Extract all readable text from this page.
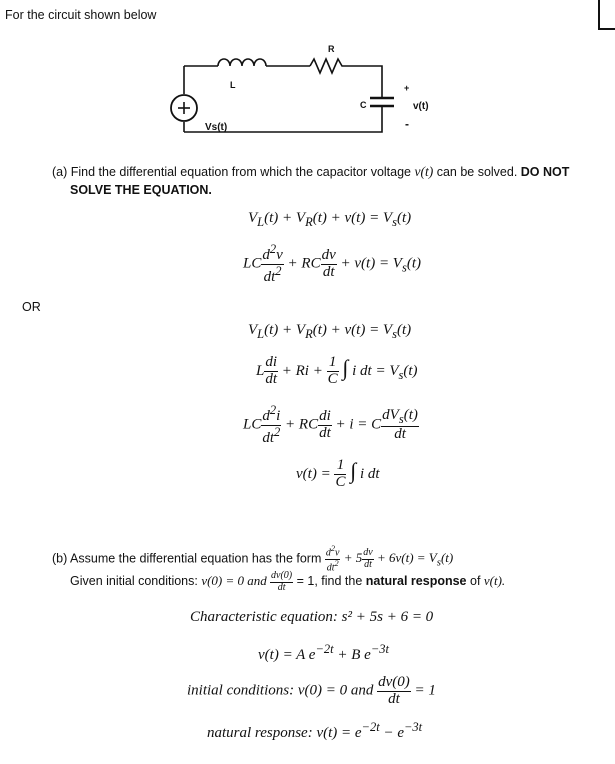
For the circuit shown below
L
R
C
Vs(t)
+
v(t)
-
(a) Find the differential equation from which the capacitor voltage v(t) can be solved. DO NOT
SOLVE THE EQUATION.
$V_L(t) + V_R(t) + v(t) = V_s(t)$
LC $\frac{d^2v}{dt^2}$ + RC $\frac{dv}{dt} + v(t) = V_s(t)$
OR
$V_L(t) + V_R(t) + v(t) = V_s(t)$
L $\frac{di}{dt} + Ri + \frac{1}{C}$ ∫ i dt = $V_s(t)$
LC $\frac{d^2i}{dt^2}$ + RC $\frac{di}{dt} + i = C \frac{dV_s(t)}{dt}$
$v(t) = \frac{1}{C}$ ∫ i dt
(b) Assume the differential equation has the form $\frac{d^2v}{dt^2} + 5 \frac{dv}{dt} + 6v(t) = V_s(t)$
Given initial conditions: v(0) = 0 and $\frac{dv(0)}{dt} = 1$, find the natural response of v(t).
Characteristic equation: s² + 5s + 6 = 0
v(t) = A $e^{-2t} + B$ $e^{-3t}$
initial conditions: v(0) = 0 and $\frac{dv(0)}{dt} = 1$
natural response: $v(t) = e^{-2t} - e^{-3t}$
